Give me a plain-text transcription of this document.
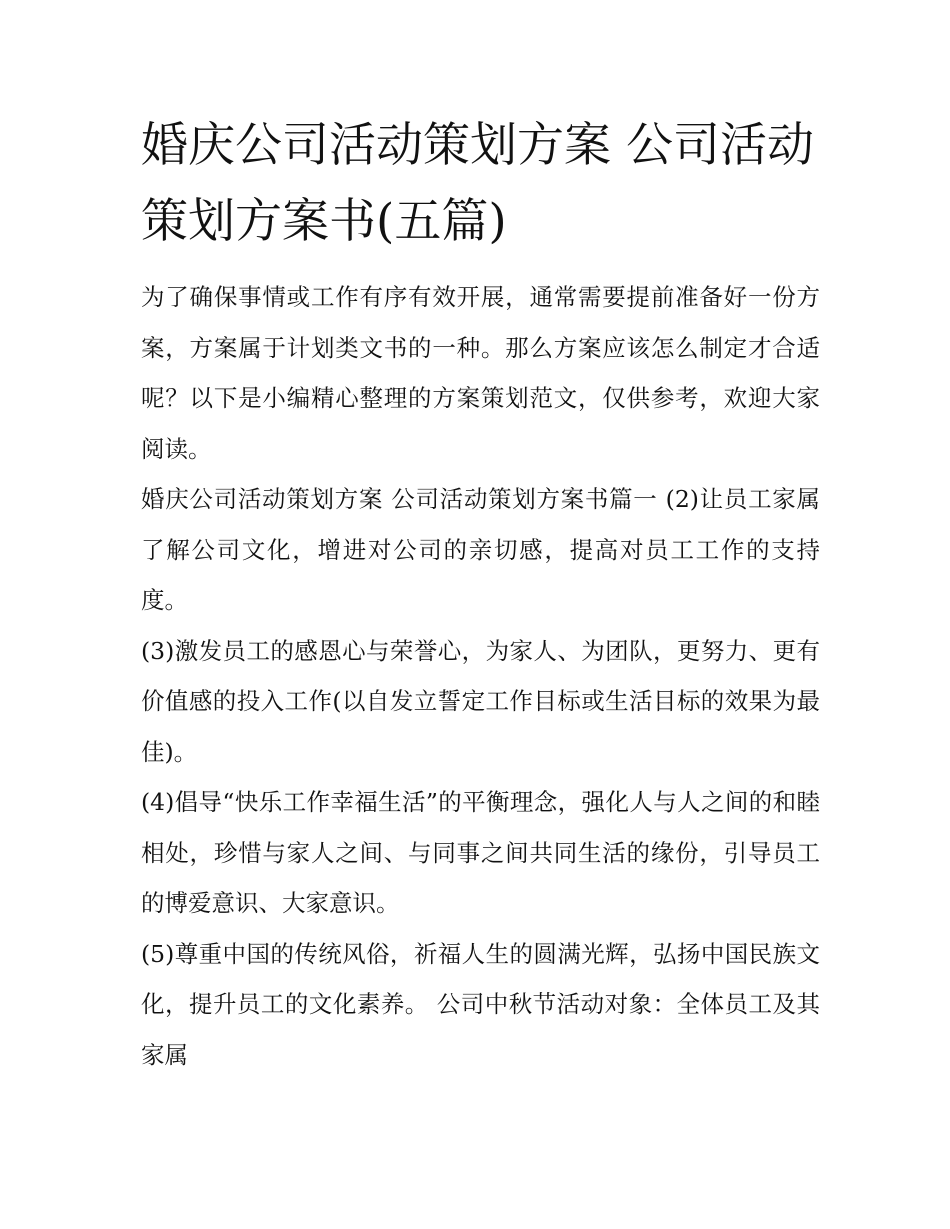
婚庆公司活动策划方案 公司活动策划方案书(五篇)

为了确保事情或工作有序有效开展，通常需要提前准备好一份方案，方案属于计划类文书的一种。那么方案应该怎么制定才合适呢？以下是小编精心整理的方案策划范文，仅供参考，欢迎大家阅读。

婚庆公司活动策划方案 公司活动策划方案书篇一 (2)让员工家属了解公司文化，增进对公司的亲切感，提高对员工工作的支持度。

(3)激发员工的感恩心与荣誉心，为家人、为团队，更努力、更有价值感的投入工作(以自发立誓定工作目标或生活目标的效果为最佳)。

(4)倡导“快乐工作幸福生活”的平衡理念，强化人与人之间的和睦相处，珍惜与家人之间、与同事之间共同生活的缘份，引导员工的博爱意识、大家意识。

(5)尊重中国的传统风俗，祈福人生的圆满光辉，弘扬中国民族文化，提升员工的文化素养。 公司中秋节活动对象：全体员工及其家属
